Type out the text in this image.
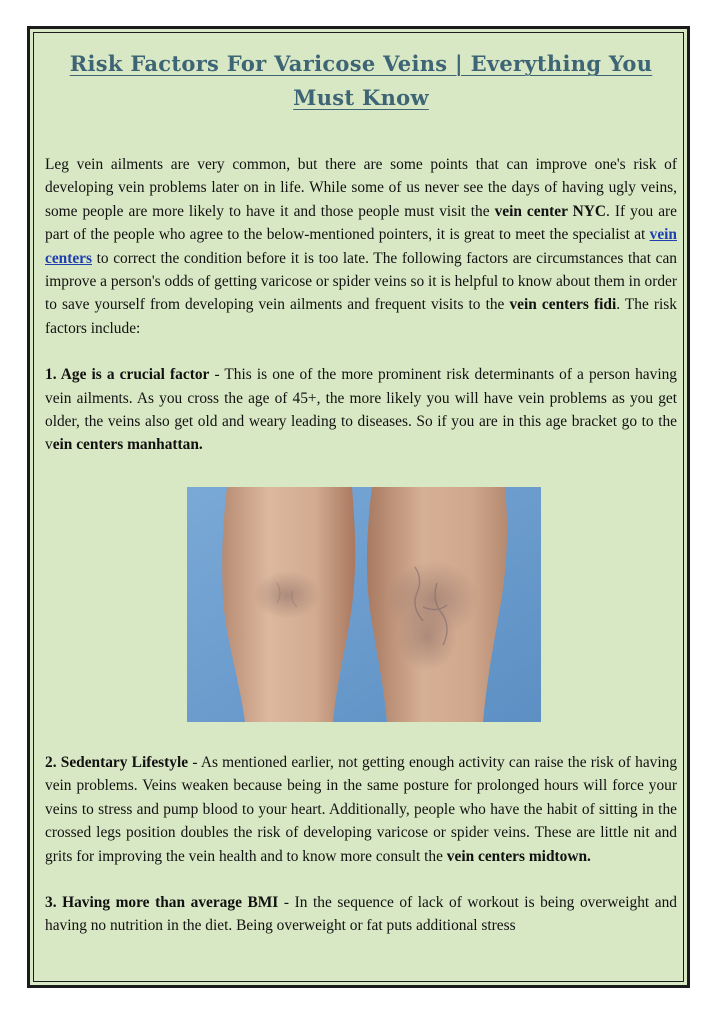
Risk Factors For Varicose Veins | Everything You Must Know

Leg vein ailments are very common, but there are some points that can improve one's risk of developing vein problems later on in life. While some of us never see the days of having ugly veins, some people are more likely to have it and those people must visit the vein center NYC. If you are part of the people who agree to the below-mentioned pointers, it is great to meet the specialist at vein centers to correct the condition before it is too late. The following factors are circumstances that can improve a person's odds of getting varicose or spider veins so it is helpful to know about them in order to save yourself from developing vein ailments and frequent visits to the vein centers fidi. The risk factors include:

1. Age is a crucial factor - This is one of the more prominent risk determinants of a person having vein ailments. As you cross the age of 45+, the more likely you will have vein problems as you get older, the veins also get old and weary leading to diseases. So if you are in this age bracket go to the vein centers manhattan.

2. Sedentary Lifestyle - As mentioned earlier, not getting enough activity can raise the risk of having vein problems. Veins weaken because being in the same posture for prolonged hours will force your veins to stress and pump blood to your heart. Additionally, people who have the habit of sitting in the crossed legs position doubles the risk of developing varicose or spider veins. These are little nit and grits for improving the vein health and to know more consult the vein centers midtown.

3. Having more than average BMI - In the sequence of lack of workout is being overweight and having no nutrition in the diet. Being overweight or fat puts additional stress
